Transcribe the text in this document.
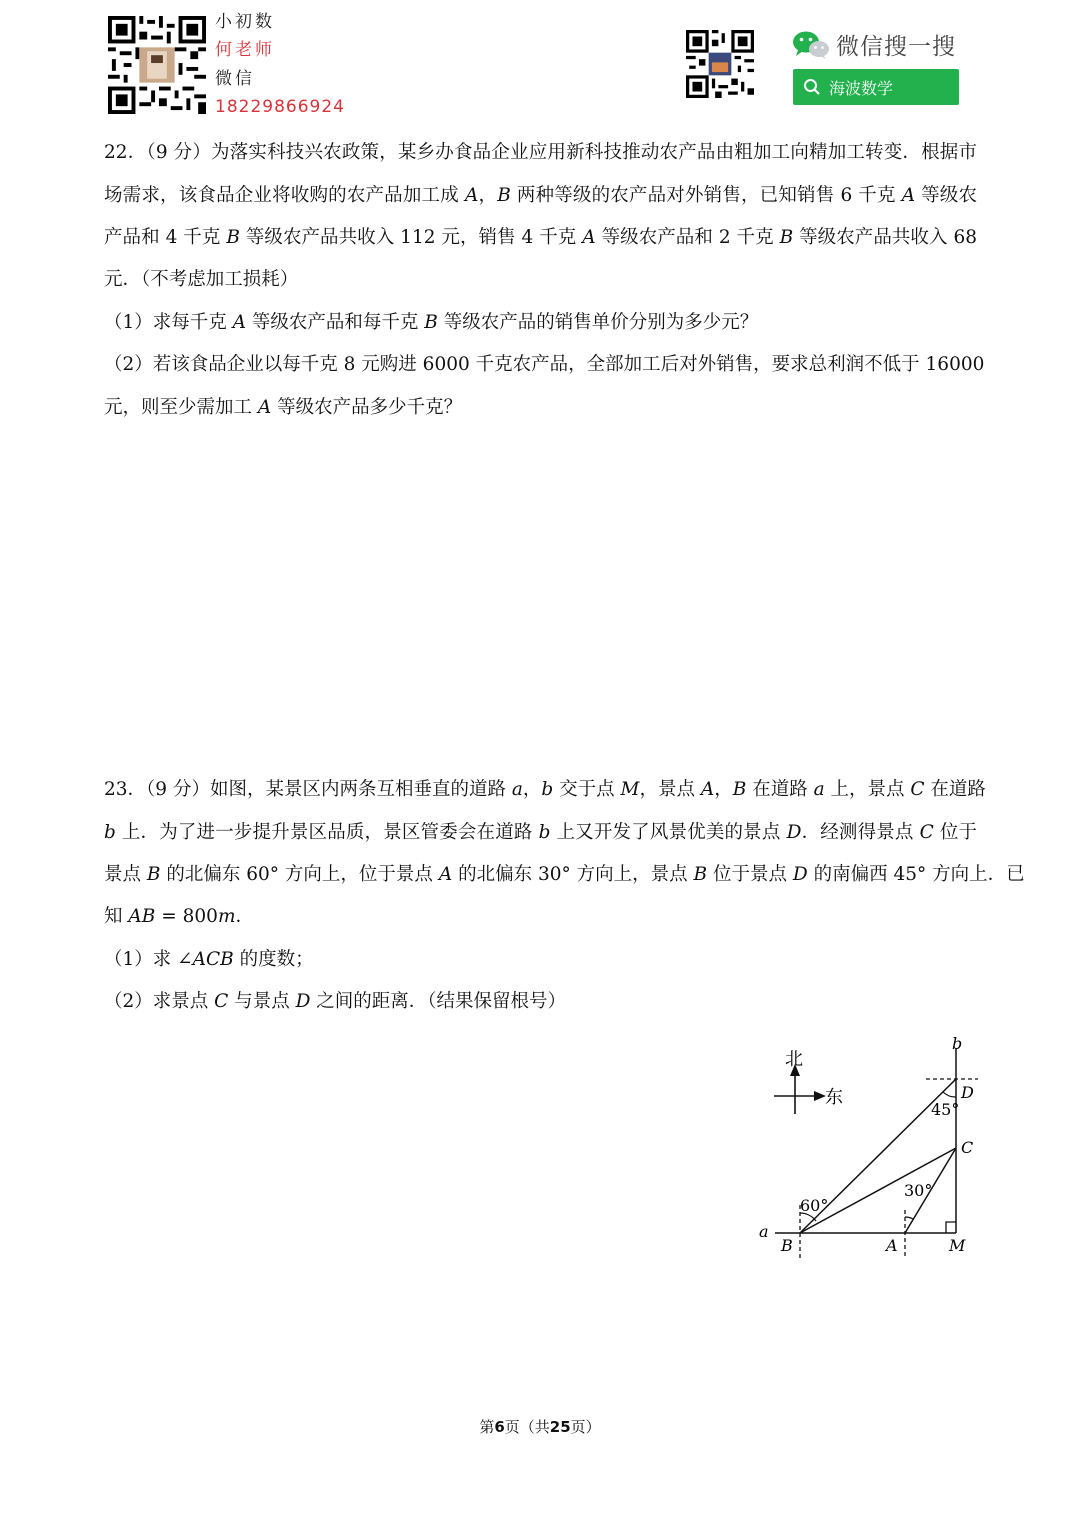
小初数
何老师
微信
18229866924
微信搜一搜
海波数学
22．（9 分）为落实科技兴农政策，某乡办食品企业应用新科技推动农产品由粗加工向精加工转变．根据市
场需求，该食品企业将收购的农产品加工成 A，B 两种等级的农产品对外销售，已知销售 6 千克 A 等级农
产品和 4 千克 B 等级农产品共收入 112 元，销售 4 千克 A 等级农产品和 2 千克 B 等级农产品共收入 68
元．（不考虑加工损耗）
（1）求每千克 A 等级农产品和每千克 B 等级农产品的销售单价分别为多少元？
（2）若该食品企业以每千克 8 元购进 6000 千克农产品，全部加工后对外销售，要求总利润不低于 16000
元，则至少需加工 A 等级农产品多少千克？
23．（9 分）如图，某景区内两条互相垂直的道路 a，b 交于点 M，景点 A，B 在道路 a 上，景点 C 在道路
b 上．为了进一步提升景区品质，景区管委会在道路 b 上又开发了风景优美的景点 D．经测得景点 C 位于
景点 B 的北偏东 60° 方向上，位于景点 A 的北偏东 30° 方向上，景点 B 位于景点 D 的南偏西 45° 方向上．已
知 AB = 800m．
（1）求 ∠ACB 的度数；
（2）求景点 C 与景点 D 之间的距离．（结果保留根号）
北
东
60°
30°
45°
a
b
B	A	M
C
D
第6页（共25页）
